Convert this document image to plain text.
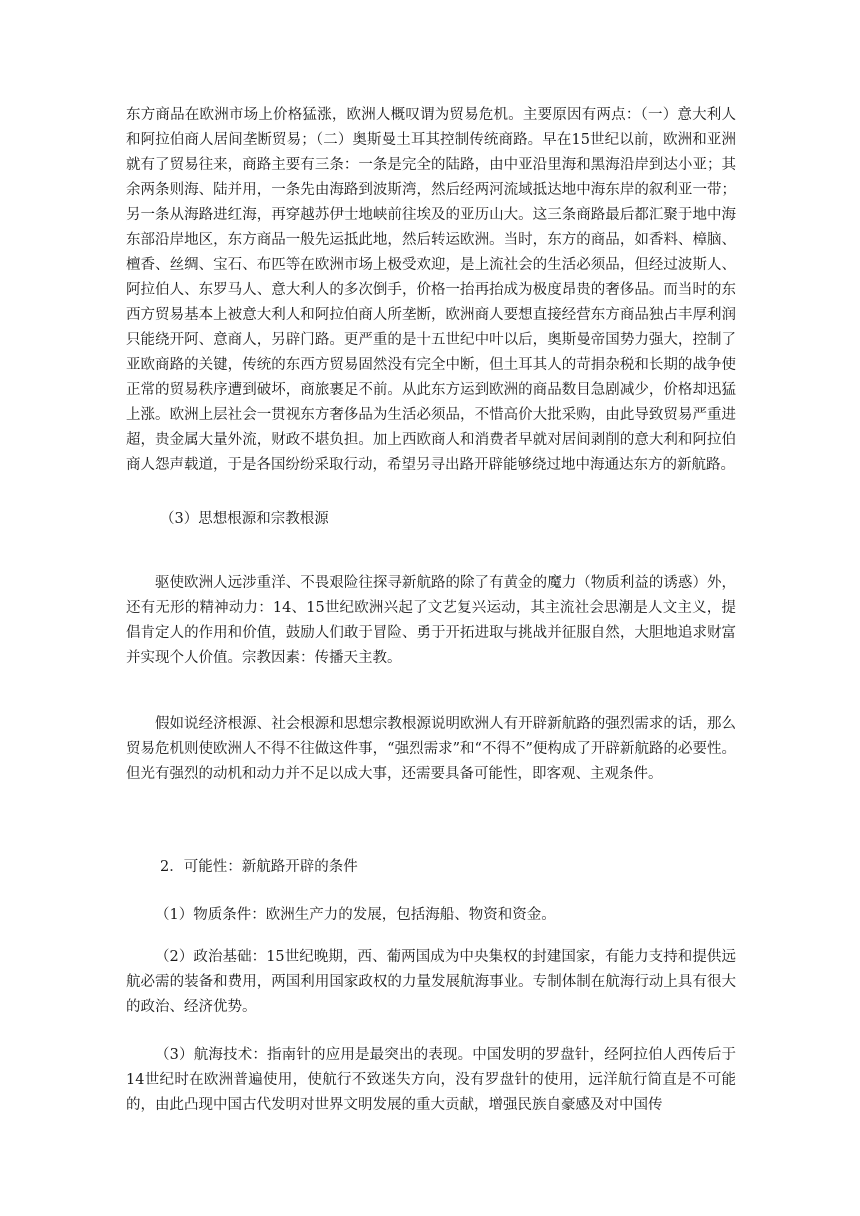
东方商品在欧洲市场上价格猛涨，欧洲人概叹谓为贸易危机。主要原因有两点：（一）意大利人和阿拉伯商人居间垄断贸易；（二）奥斯曼土耳其控制传统商路。早在15世纪以前，欧洲和亚洲就有了贸易往来，商路主要有三条：一条是完全的陆路，由中亚沿里海和黑海沿岸到达小亚；其余两条则海、陆并用，一条先由海路到波斯湾，然后经两河流域抵达地中海东岸的叙利亚一带；另一条从海路进红海，再穿越苏伊士地峡前往埃及的亚历山大。这三条商路最后都汇聚于地中海东部沿岸地区，东方商品一般先运抵此地，然后转运欧洲。当时，东方的商品，如香料、樟脑、檀香、丝绸、宝石、布匹等在欧洲市场上极受欢迎，是上流社会的生活必须品，但经过波斯人、阿拉伯人、东罗马人、意大利人的多次倒手，价格一抬再抬成为极度昂贵的奢侈品。而当时的东西方贸易基本上被意大利人和阿拉伯商人所垄断，欧洲商人要想直接经营东方商品独占丰厚利润只能绕开阿、意商人，另辟门路。更严重的是十五世纪中叶以后，奥斯曼帝国势力强大，控制了亚欧商路的关键，传统的东西方贸易固然没有完全中断，但土耳其人的苛捐杂税和长期的战争使正常的贸易秩序遭到破坏，商旅裹足不前。从此东方运到欧洲的商品数目急剧减少，价格却迅猛上涨。欧洲上层社会一贯视东方奢侈品为生活必须品，不惜高价大批采购，由此导致贸易严重进超，贵金属大量外流，财政不堪负担。加上西欧商人和消费者早就对居间剥削的意大利和阿拉伯商人怨声载道，于是各国纷纷采取行动，希望另寻出路开辟能够绕过地中海通达东方的新航路。

（3）思想根源和宗教根源

驱使欧洲人远涉重洋、不畏艰险往探寻新航路的除了有黄金的魔力（物质利益的诱惑）外，还有无形的精神动力：14、15世纪欧洲兴起了文艺复兴运动，其主流社会思潮是人文主义，提倡肯定人的作用和价值，鼓励人们敢于冒险、勇于开拓进取与挑战并征服自然，大胆地追求财富并实现个人价值。宗教因素：传播天主教。

假如说经济根源、社会根源和思想宗教根源说明欧洲人有开辟新航路的强烈需求的话，那么贸易危机则使欧洲人不得不往做这件事，“强烈需求”和“不得不”便构成了开辟新航路的必要性。但光有强烈的动机和动力并不足以成大事，还需要具备可能性，即客观、主观条件。

2．可能性：新航路开辟的条件

（1）物质条件：欧洲生产力的发展，包括海船、物资和资金。

（2）政治基础：15世纪晚期，西、葡两国成为中央集权的封建国家，有能力支持和提供远航必需的装备和费用，两国利用国家政权的力量发展航海事业。专制体制在航海行动上具有很大的政治、经济优势。

（3）航海技术：指南针的应用是最突出的表现。中国发明的罗盘针，经阿拉伯人西传后于14世纪时在欧洲普遍使用，使航行不致迷失方向，没有罗盘针的使用，远洋航行简直是不可能的，由此凸现中国古代发明对世界文明发展的重大贡献，增强民族自豪感及对中国传
